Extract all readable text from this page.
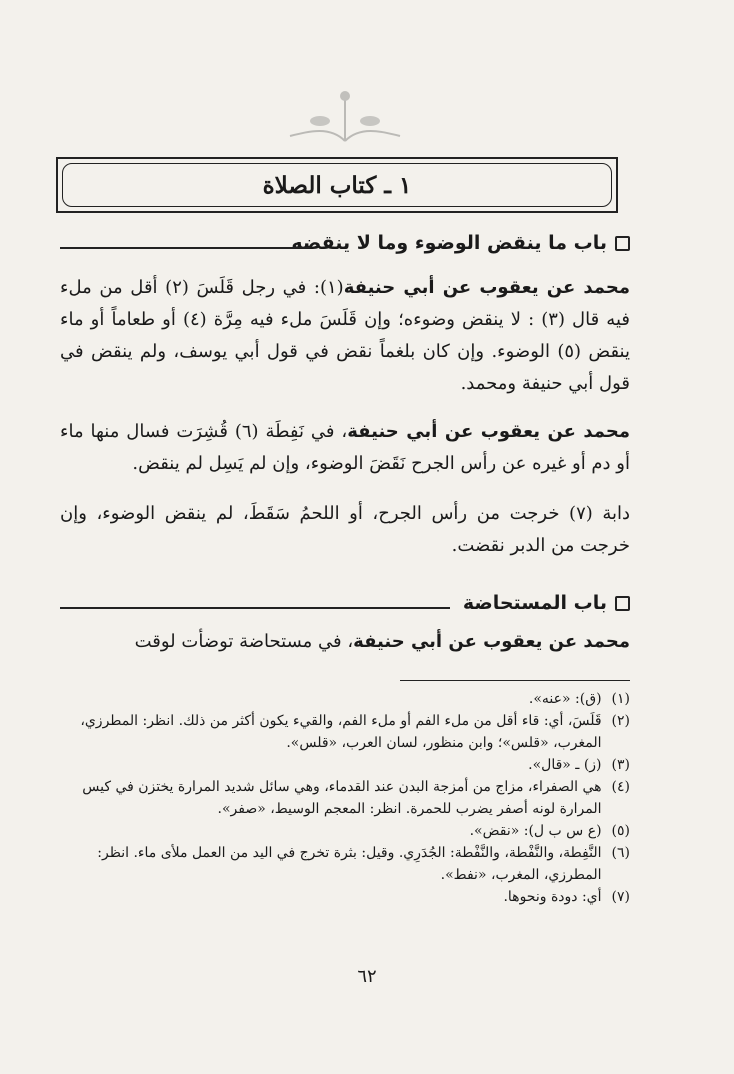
١ ـ كتاب الصلاة
باب ما ينقض الوضوء وما لا ينقضه

محمد عن يعقوب عن أبي حنيفة(١): في رجل قَلَسَ (٢) أقل من ملء فيه قال (٣) : لا ينقض وضوءه؛ وإن قَلَسَ ملء فيه مِرَّة (٤) أو طعاماً أو ماء ينقض (٥) الوضوء. وإن كان بلغماً نقض في قول أبي يوسف، ولم ينقض في قول أبي حنيفة ومحمد.

محمد عن يعقوب عن أبي حنيفة، في نَفِطَة (٦) قُشِرَت فسال منها ماء أو دم أو غيره عن رأس الجرح نَقَضَ الوضوء، وإن لم يَسِل لم ينقض.

دابة (٧) خرجت من رأس الجرح، أو اللحمُ سَقَطَ، لم ينقض الوضوء، وإن خرجت من الدبر نقضت.

باب المستحاضة

محمد عن يعقوب عن أبي حنيفة، في مستحاضة توضأت لوقت

(١)
(ق): «عنه».
(٢)
قَلَسَ، أي: قاء أقل من ملء الفم أو ملء الفم، والقيء يكون أكثر من ذلك. انظر: المطرزي، المغرب، «قلس»؛ وابن منظور، لسان العرب، «قلس».
(٣)
(ز) ـ «قال».
(٤)
هي الصفراء، مزاج من أمزجة البدن عند القدماء، وهي سائل شديد المرارة يختزن في كيس المرارة لونه أصفر يضرب للحمرة. انظر: المعجم الوسيط، «صفر».
(٥)
(ع س ب ل): «نقض».
(٦)
النَّفِطة، والنَّفْطة، والنَّفْطة: الجُدَرِي. وقيل: بثرة تخرج في اليد من العمل ملأى ماء. انظر: المطرزي، المغرب، «نفط».
(٧)
أي: دودة ونحوها.
٦٢
